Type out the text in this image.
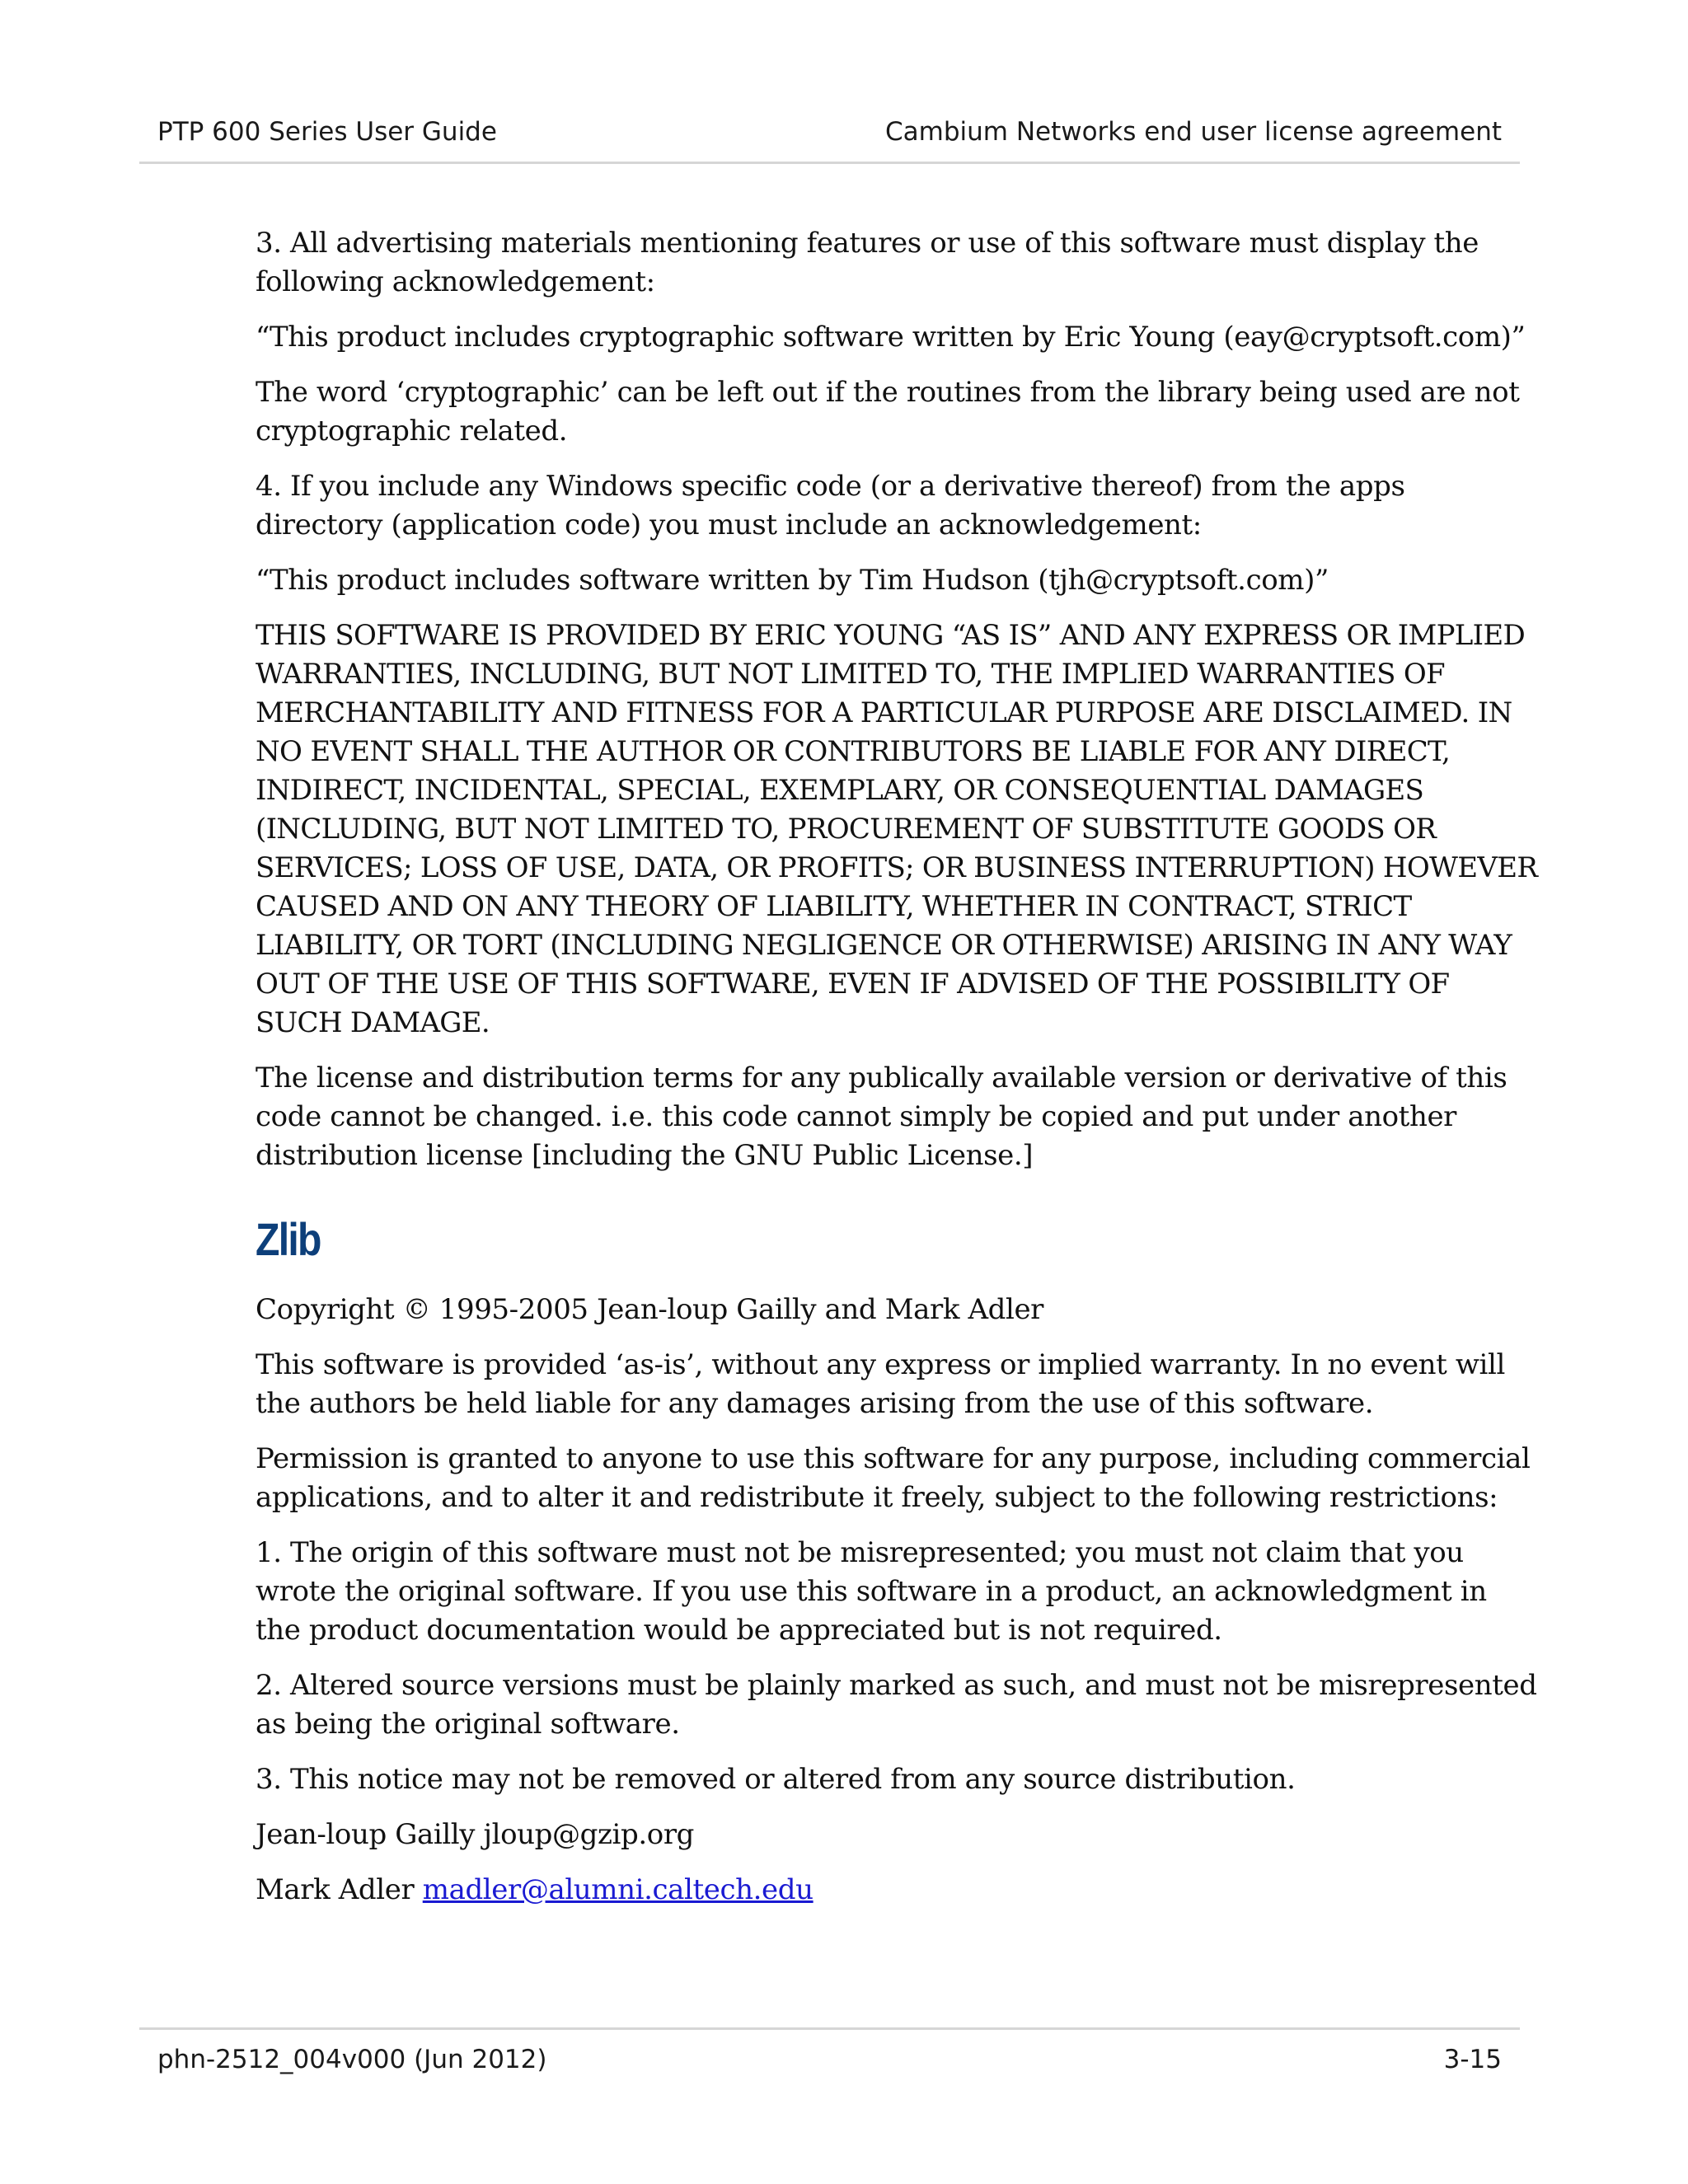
PTP 600 Series User Guide	Cambium Networks end user license agreement

3. All advertising materials mentioning features or use of this software must display the following acknowledgement:

“This product includes cryptographic software written by Eric Young (eay@cryptsoft.com)”

The word ‘cryptographic’ can be left out if the routines from the library being used are not cryptographic related.

4. If you include any Windows specific code (or a derivative thereof) from the apps directory (application code) you must include an acknowledgement:

“This product includes software written by Tim Hudson (tjh@cryptsoft.com)”

THIS SOFTWARE IS PROVIDED BY ERIC YOUNG “AS IS” AND ANY EXPRESS OR IMPLIED WARRANTIES, INCLUDING, BUT NOT LIMITED TO, THE IMPLIED WARRANTIES OF MERCHANTABILITY AND FITNESS FOR A PARTICULAR PURPOSE ARE DISCLAIMED. IN NO EVENT SHALL THE AUTHOR OR CONTRIBUTORS BE LIABLE FOR ANY DIRECT, INDIRECT, INCIDENTAL, SPECIAL, EXEMPLARY, OR CONSEQUENTIAL DAMAGES (INCLUDING, BUT NOT LIMITED TO, PROCUREMENT OF SUBSTITUTE GOODS OR SERVICES; LOSS OF USE, DATA, OR PROFITS; OR BUSINESS INTERRUPTION) HOWEVER CAUSED AND ON ANY THEORY OF LIABILITY, WHETHER IN CONTRACT, STRICT LIABILITY, OR TORT (INCLUDING NEGLIGENCE OR OTHERWISE) ARISING IN ANY WAY OUT OF THE USE OF THIS SOFTWARE, EVEN IF ADVISED OF THE POSSIBILITY OF SUCH DAMAGE.

The license and distribution terms for any publically available version or derivative of this code cannot be changed. i.e. this code cannot simply be copied and put under another distribution license [including the GNU Public License.]

Zlib

Copyright © 1995-2005 Jean-loup Gailly and Mark Adler

This software is provided ‘as-is’, without any express or implied warranty. In no event will the authors be held liable for any damages arising from the use of this software.

Permission is granted to anyone to use this software for any purpose, including commercial applications, and to alter it and redistribute it freely, subject to the following restrictions:

1. The origin of this software must not be misrepresented; you must not claim that you wrote the original software. If you use this software in a product, an acknowledgment in the product documentation would be appreciated but is not required.

2. Altered source versions must be plainly marked as such, and must not be misrepresented as being the original software.

3. This notice may not be removed or altered from any source distribution.

Jean-loup Gailly jloup@gzip.org

Mark Adler madler@alumni.caltech.edu

phn-2512_004v000 (Jun 2012)	3-15
